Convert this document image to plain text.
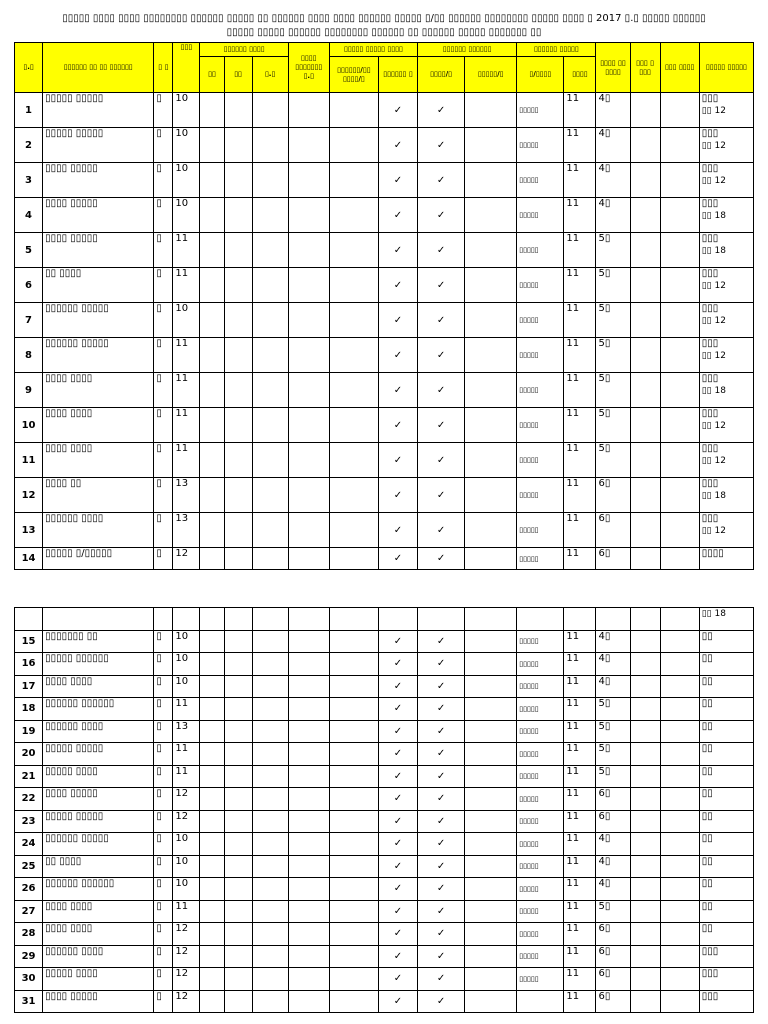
▯▯▯▯▯ ▯▯▯▯ ▯▯▯▯ ▯▯▯▯▯▯▯▯ ▯▯▯▯▯▯ ▯▯▯▯▯ ▯▯ ▯▯▯▯▯▯ ▯▯▯▯ ▯▯▯▯ ▯▯▯▯▯▯ ▯▯▯▯▯ ▯/▯▯ ▯▯▯▯▯▯ ▯▯▯▯▯▯▯▯ ▯▯▯▯▯ ▯▯▯▯ ▯ 2017 ▯.▯ ▯▯▯▯▯ ▯▯▯▯▯▯
▯▯▯▯▯ ▯▯▯▯▯ ▯▯▯▯▯▯ ▯▯▯▯▯▯▯▯ ▯▯▯▯▯▯ ▯▯ ▯▯▯▯▯▯ ▯▯▯▯▯ ▯▯▯▯▯▯▯ ▯▯
▯.▯	▯▯▯▯▯▯ ▯▯ ▯▯ ▯▯▯▯▯▯	▯ ▯	▯▯▯	▯▯▯▯▯▯ ▯▯▯▯			▯▯▯▯ ▯▯▯▯▯▯▯ ▯.▯	▯▯▯▯▯ ▯▯▯▯▯ ▯▯▯▯		▯▯▯▯▯▯ ▯▯▯▯▯▯		▯▯▯▯▯▯ ▯▯▯▯▯		▯▯▯▯ ▯▯ ▯▯▯▯	▯▯▯ ▯ ▯▯▯	▯▯▯ ▯▯▯▯	▯▯▯▯▯ ▯▯▯▯▯
				▯▯	▯▯	▯.▯		▯▯▯▯▯▯/▯▯ ▯▯▯▯/▯	▯▯▯▯▯▯ ▯	▯▯▯▯/▯	▯▯▯▯▯/▯	▯/▯▯▯▯	▯▯▯▯				
1	▯▯▯▯▯ ▯▯▯▯▯	▯	10						✓	✓		▯▯▯▯▯	11	4▯			▯▯▯
▯▯ 12
2	▯▯▯▯▯ ▯▯▯▯▯	▯	10						✓	✓		▯▯▯▯▯	11	4▯			▯▯▯
▯▯ 12
3	▯▯▯▯ ▯▯▯▯▯	▯	10						✓	✓		▯▯▯▯▯	11	4▯			▯▯▯
▯▯ 12
4	▯▯▯▯ ▯▯▯▯▯	▯	10						✓	✓		▯▯▯▯▯	11	4▯			▯▯▯
▯▯ 18
5	▯▯▯▯ ▯▯▯▯▯	▯	11						✓	✓		▯▯▯▯▯	11	5▯			▯▯▯
▯▯ 18
6	▯▯ ▯▯▯▯	▯	11						✓	✓		▯▯▯▯▯	11	5▯			▯▯▯
▯▯ 12
7	▯▯▯▯▯▯ ▯▯▯▯▯	▯	10						✓	✓		▯▯▯▯▯	11	5▯			▯▯▯
▯▯ 12
8	▯▯▯▯▯▯ ▯▯▯▯▯	▯	11						✓	✓		▯▯▯▯▯	11	5▯			▯▯▯
▯▯ 12
9	▯▯▯▯ ▯▯▯▯	▯	11						✓	✓		▯▯▯▯▯	11	5▯			▯▯▯
▯▯ 18
10	▯▯▯▯ ▯▯▯▯	▯	11						✓	✓		▯▯▯▯▯	11	5▯			▯▯▯
▯▯ 12
11	▯▯▯▯ ▯▯▯▯	▯	11						✓	✓		▯▯▯▯▯	11	5▯			▯▯▯
▯▯ 12
12	▯▯▯▯ ▯▯	▯	13						✓	✓		▯▯▯▯▯	11	6▯			▯▯▯
▯▯ 18
13	▯▯▯▯▯▯ ▯▯▯▯	▯	13						✓	✓		▯▯▯▯▯	11	6▯			▯▯▯
▯▯ 12
14	▯▯▯▯▯ ▯/▯▯▯▯▯	▯	12						✓	✓		▯▯▯▯▯	11	6▯			▯▯▯▯

																	▯▯ 18
15	▯▯▯▯▯▯▯ ▯▯	▯	10						✓	✓		▯▯▯▯▯	11	4▯			▯▯
16	▯▯▯▯▯ ▯▯▯▯▯▯	▯	10						✓	✓		▯▯▯▯▯	11	4▯			▯▯
17	▯▯▯▯ ▯▯▯▯	▯	10						✓	✓		▯▯▯▯▯	11	4▯			▯▯
18	▯▯▯▯▯▯ ▯▯▯▯▯▯	▯	11						✓	✓		▯▯▯▯▯	11	5▯			▯▯
19	▯▯▯▯▯▯ ▯▯▯▯	▯	13						✓	✓		▯▯▯▯▯	11	5▯			▯▯
20	▯▯▯▯▯ ▯▯▯▯▯	▯	11						✓	✓		▯▯▯▯▯	11	5▯			▯▯
21	▯▯▯▯▯ ▯▯▯▯	▯	11						✓	✓		▯▯▯▯▯	11	5▯			▯▯
22	▯▯▯▯ ▯▯▯▯▯	▯	12						✓	✓		▯▯▯▯▯	11	6▯			▯▯
23	▯▯▯▯▯ ▯▯▯▯▯	▯	12						✓	✓		▯▯▯▯▯	11	6▯			▯▯
24	▯▯▯▯▯▯ ▯▯▯▯▯	▯	10						✓	✓		▯▯▯▯▯	11	4▯			▯▯
25	▯▯ ▯▯▯▯	▯	10						✓	✓		▯▯▯▯▯	11	4▯			▯▯
26	▯▯▯▯▯▯ ▯▯▯▯▯▯	▯	10						✓	✓		▯▯▯▯▯	11	4▯			▯▯
27	▯▯▯▯ ▯▯▯▯	▯	11						✓	✓		▯▯▯▯▯	11	5▯			▯▯
28	▯▯▯▯ ▯▯▯▯	▯	12						✓	✓		▯▯▯▯▯	11	6▯			▯▯
29	▯▯▯▯▯▯ ▯▯▯▯	▯	12						✓	✓		▯▯▯▯▯	11	6▯			▯▯▯
30	▯▯▯▯▯ ▯▯▯▯	▯	12						✓	✓		▯▯▯▯▯	11	6▯			▯▯▯
31	▯▯▯▯ ▯▯▯▯▯	▯	12						✓	✓			11	6▯			▯▯▯
